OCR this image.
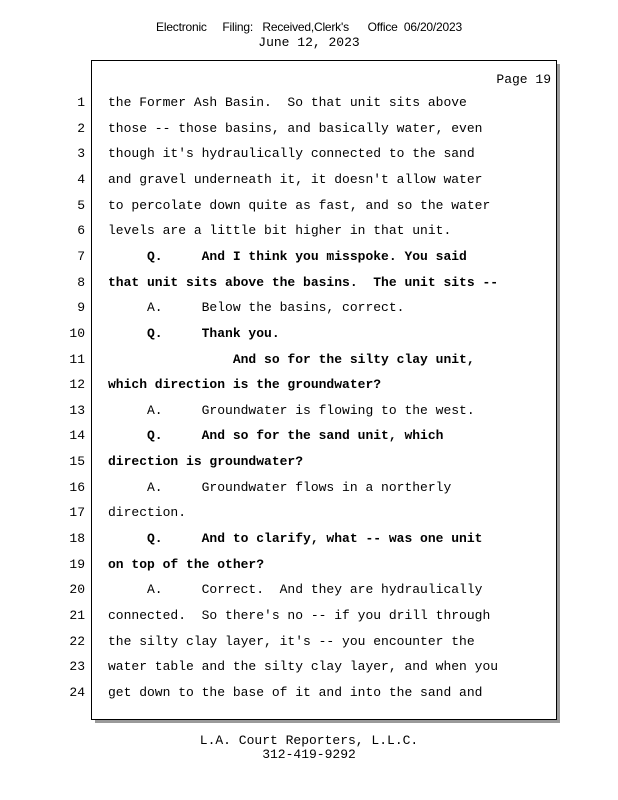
Electronic     Filing:   Received,Clerk's      Office  06/20/2023
June 12, 2023
Page 19
1 the Former Ash Basin.  So that unit sits above
2 those -- those basins, and basically water, even
3 though it's hydraulically connected to the sand
4 and gravel underneath it, it doesn't allow water
5 to percolate down quite as fast, and so the water
6 levels are a little bit higher in that unit.
7 Q.     And I think you misspoke. You said
8 that unit sits above the basins.  The unit sits --
9 A.     Below the basins, correct.
10 Q.     Thank you.
11 And so for the silty clay unit,
12 which direction is the groundwater?
13 A.     Groundwater is flowing to the west.
14 Q.     And so for the sand unit, which
15 direction is groundwater?
16 A.     Groundwater flows in a northerly
17 direction.
18 Q.     And to clarify, what -- was one unit
19 on top of the other?
20 A.     Correct.  And they are hydraulically
21 connected.  So there's no -- if you drill through
22 the silty clay layer, it's -- you encounter the
23 water table and the silty clay layer, and when you
24 get down to the base of it and into the sand and
L.A. Court Reporters, L.L.C.
312-419-9292
